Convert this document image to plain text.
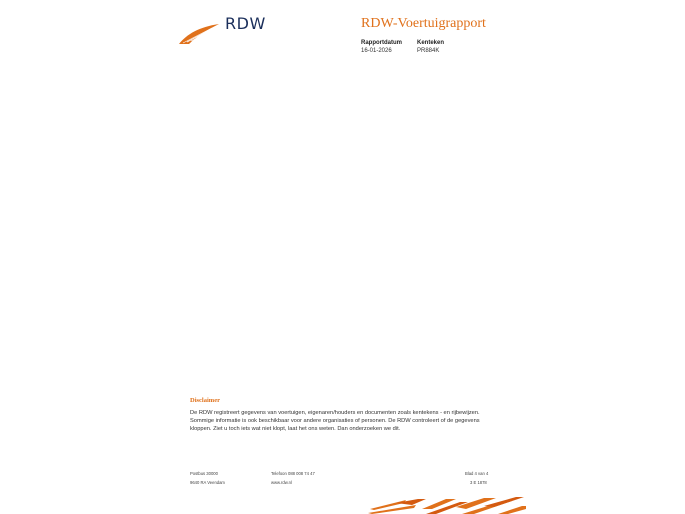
RDW	RDW-Voertuigrapport
Rapportdatum
16-01-2026
Kenteken
PR884K
Disclaimer
De RDW registreert gegevens van voertuigen, eigenaren/houders en documenten zoals kentekens - en rijbewijzen.
Sommige informatie is ook beschikbaar voor andere organisaties of personen. De RDW controleert of de gegevens
kloppen. Ziet u toch iets wat niet klopt, laat het ons weten. Dan onderzoeken we dit.
Postbus 30000	Telefoon 088 008 74 47	Blad 4 van 4
9640 RA Veendam	www.rdw.nl	3 E 1878
